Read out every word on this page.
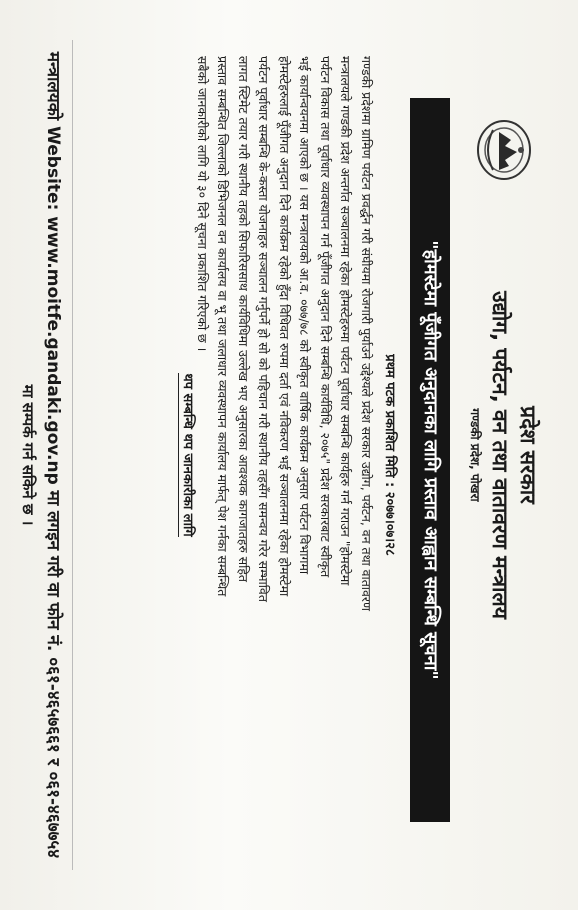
प्रदेश सरकार
उद्योग, पर्यटन, वन तथा वातावरण मन्त्रालय
गण्डकी प्रदेश, पोखरा
"होमस्टेमा पूँजीगत अनुदानका लागि प्रस्ताव आह्वान सम्बन्धि सूचना"
प्रथम पटक प्रकाशित मिति : २०७७।०७।२८
गण्डकी प्रदेशमा ग्रामिण पर्यटन प्रवर्द्धन गरी संघीयमा रोजगारी पुर्याउने उद्देश्यले प्रदेश सरकार उद्योग, पर्यटन, वन तथा वातावरण
मन्त्रालयले गण्डकी प्रदेश अन्तर्गत सञ्चालनमा रहेका होमस्टेहरुमा पर्यटन पूर्वाधार सम्बन्धि कार्यहरु गर्न गराउन "होमस्टेमा
पर्यटन विकास तथा पूर्वाधार व्यवस्थापन गर्न पूँजीगत अनुदान दिने सम्बन्धि कार्यविधि, २०७५" प्रदेश सरकारबाट स्वीकृत
भई कार्यान्वयनमा आएको छ । यस मन्त्रालयको आ.व. ०७७/७८ को स्वीकृत वार्षिक कार्यक्रम अनुसार पर्यटन विभागमा
होमस्टेहरुलाई पूँजीगत अनुदान दिने कार्यक्रम रहेको हुँदा विधिवत रुपमा दर्ता एवं नविकरण भई सञ्चालनमा रहेका होमस्टेमा
पर्यटन पूर्वाधार सम्बन्धि के-कस्ता योजनाहरु सञ्चालन गर्नुपर्ने हो सो को पहिचान गरी स्थानीय तहसँग समन्वय गरेर सम्भावित
लागत स्टिमेट तयार गरी स्थानीय तहको सिफारिससाथ कार्यविधिमा उल्लेख भए अनुसारका आवश्यक कागजातहरु सहित
प्रस्ताव सम्बन्धित जिल्लाको डिभिजनल वन कार्यालय वा भू तथा जलाधार व्यवस्थापन कार्यालय मार्फत् पेश गर्नका सम्बन्धित
सबैको जानकारीको लागि यो ३० दिने सूचना प्रकाशित गरिएको छ ।
थप सम्बन्धि थप जानकारीका लागि
मन्त्रालयको Website: www.moitfe.gandaki.gov.np मा लगइन गरी वा फोन नं. ०६१-४६५७६६१ र ०६१-४६७७५४
मा सम्पर्क गर्न सकिने छ ।
